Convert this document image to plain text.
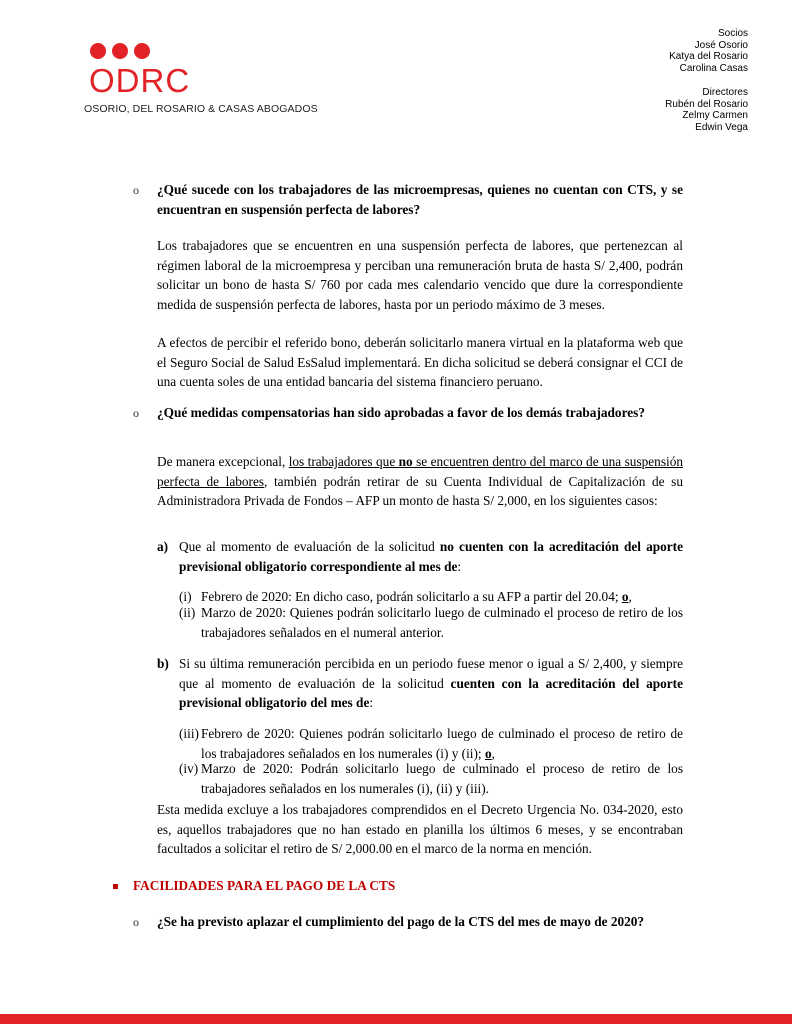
ODRC
OSORIO, DEL ROSARIO & CASAS ABOGADOS
Socios
José Osorio
Katya del Rosario
Carolina Casas
Directores
Rubén del Rosario
Zelmy Carmen
Edwin Vega
o ¿Qué sucede con los trabajadores de las microempresas, quienes no cuentan con CTS, y se encuentran en suspensión perfecta de labores?
Los trabajadores que se encuentren en una suspensión perfecta de labores, que pertenezcan al régimen laboral de la microempresa y perciban una remuneración bruta de hasta S/ 2,400, podrán solicitar un bono de hasta S/ 760 por cada mes calendario vencido que dure la correspondiente medida de suspensión perfecta de labores, hasta por un periodo máximo de 3 meses.
A efectos de percibir el referido bono, deberán solicitarlo manera virtual en la plataforma web que el Seguro Social de Salud EsSalud implementará. En dicha solicitud se deberá consignar el CCI de una cuenta soles de una entidad bancaria del sistema financiero peruano.
o ¿Qué medidas compensatorias han sido aprobadas a favor de los demás trabajadores?
De manera excepcional, los trabajadores que no se encuentren dentro del marco de una suspensión perfecta de labores, también podrán retirar de su Cuenta Individual de Capitalización de su Administradora Privada de Fondos – AFP un monto de hasta S/ 2,000, en los siguientes casos:
a) Que al momento de evaluación de la solicitud no cuenten con la acreditación del aporte previsional obligatorio correspondiente al mes de:
(i) Febrero de 2020: En dicho caso, podrán solicitarlo a su AFP a partir del 20.04; o,
(ii) Marzo de 2020: Quienes podrán solicitarlo luego de culminado el proceso de retiro de los trabajadores señalados en el numeral anterior.
b) Si su última remuneración percibida en un periodo fuese menor o igual a S/ 2,400, y siempre que al momento de evaluación de la solicitud cuenten con la acreditación del aporte previsional obligatorio del mes de:
(iii) Febrero de 2020: Quienes podrán solicitarlo luego de culminado el proceso de retiro de los trabajadores señalados en los numerales (i) y (ii); o,
(iv) Marzo de 2020: Podrán solicitarlo luego de culminado el proceso de retiro de los trabajadores señalados en los numerales (i), (ii) y (iii).
Esta medida excluye a los trabajadores comprendidos en el Decreto Urgencia No. 034-2020, esto es, aquellos trabajadores que no han estado en planilla los últimos 6 meses, y se encontraban facultados a solicitar el retiro de S/ 2,000.00 en el marco de la norma en mención.
FACILIDADES PARA EL PAGO DE LA CTS
o ¿Se ha previsto aplazar el cumplimiento del pago de la CTS del mes de mayo de 2020?
